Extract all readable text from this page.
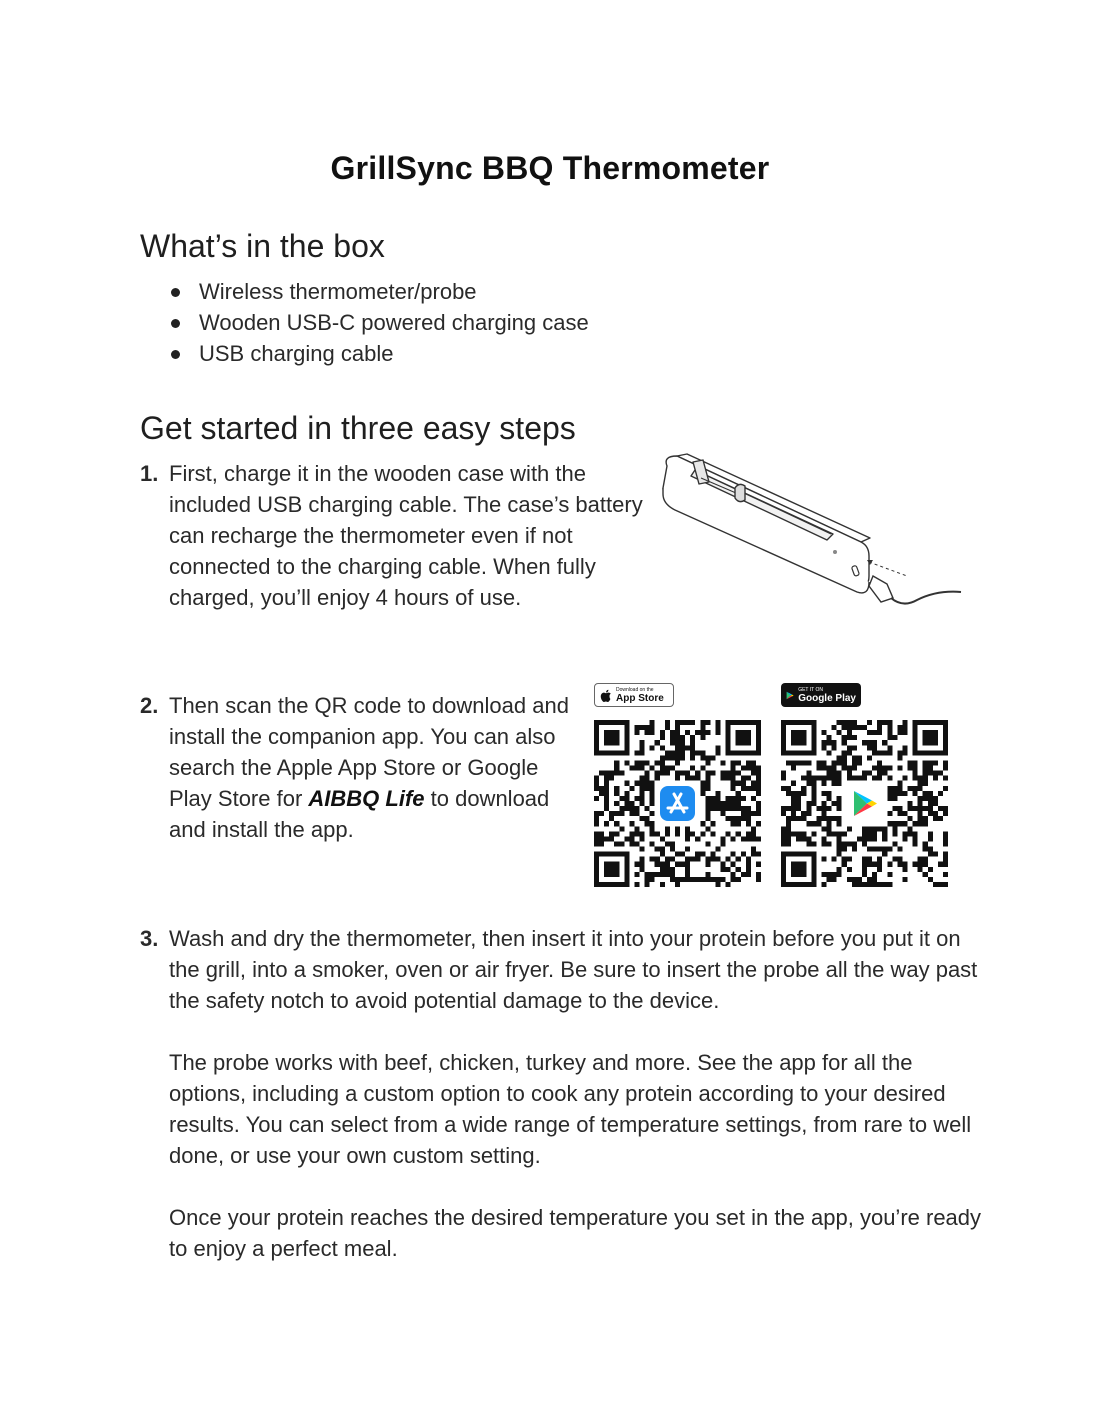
GrillSync BBQ Thermometer
What’s in the box
Wireless thermometer/probe
Wooden USB-C powered charging case
USB charging cable
Get started in three easy steps
1. First, charge it in the wooden case with the included USB charging cable. The case’s battery can recharge the thermometer even if not connected to the charging cable. When fully charged, you’ll enjoy 4 hours of use.

2. Then scan the QR code to download and install the companion app. You can also search the Apple App Store or Google Play Store for AIBBQ Life to download and install the app.

Download on the
App Store
GET IT ON
Google Play
3. Wash and dry the thermometer, then insert it into your protein before you put it on the grill, into a smoker, oven or air fryer. Be sure to insert the probe all the way past the safety notch to avoid potential damage to the device.

The probe works with beef, chicken, turkey and more. See the app for all the options, including a custom option to cook any protein according to your desired results. You can select from a wide range of temperature settings, from rare to well done, or use your own custom setting.

Once your protein reaches the desired temperature you set in the app, you’re ready to enjoy a perfect meal.
